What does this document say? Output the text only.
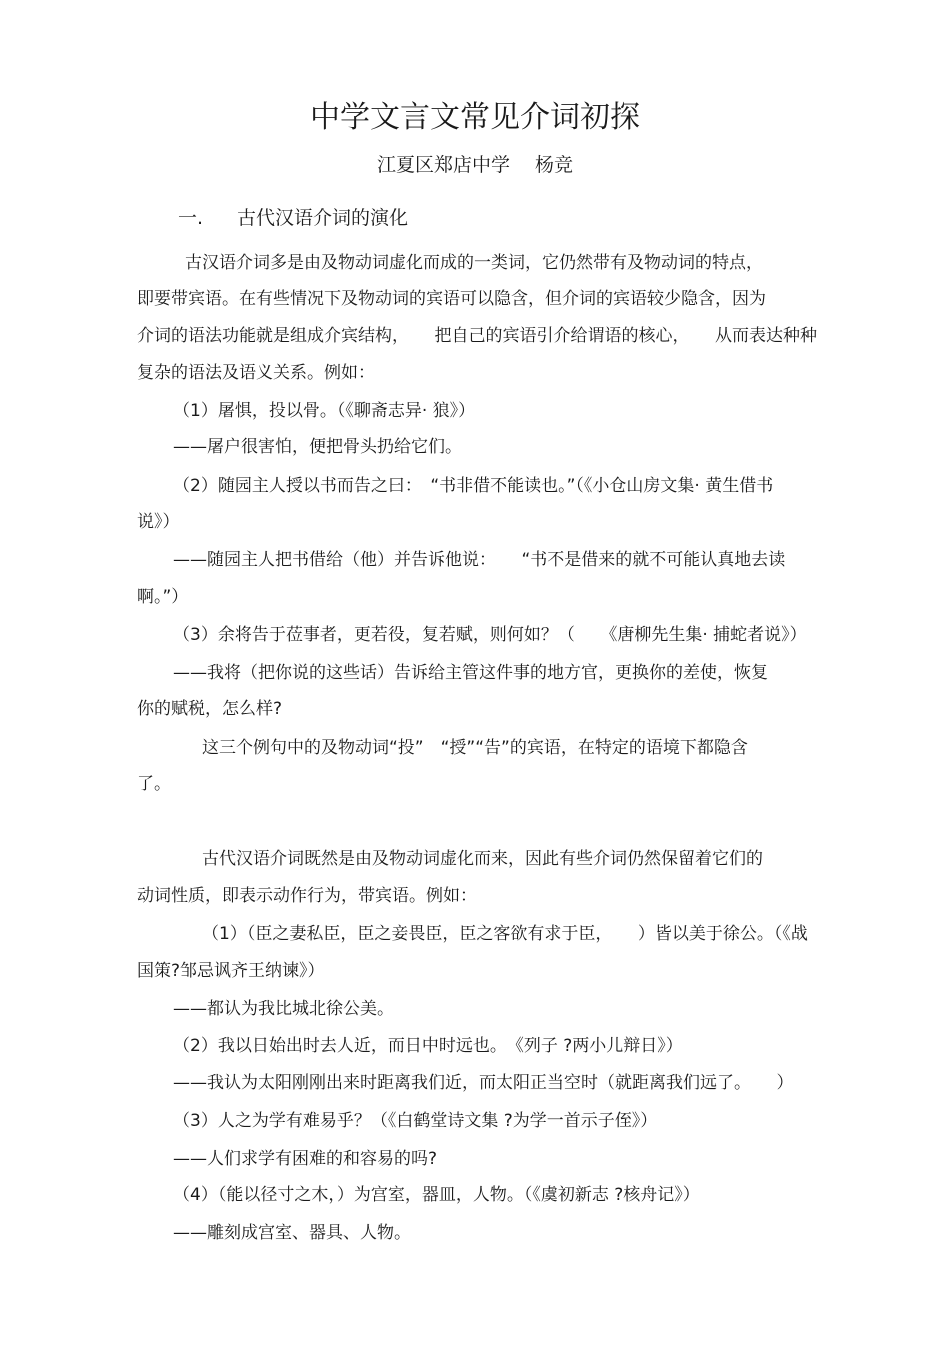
中学文言文常见介词初探
江夏区郑店中学　 杨竞
一. 古代汉语介词的演化
古汉语介词多是由及物动词虚化而成的一类词，它仍然带有及物动词的特点，
即要带宾语。在有些情况下及物动词的宾语可以隐含，但介词的宾语较少隐含，因为
介词的语法功能就是组成介宾结构，　　把自己的宾语引介给谓语的核心，　　从而表达种种
复杂的语法及语义关系。例如：
（1）屠惧，投以骨。（《聊斋志异· 狼》）
——屠户很害怕，便把骨头扔给它们。
（2）随园主人授以书而告之曰：　“书非借不能读也。”（《小仓山房文集· 黄生借书
说》）
——随园主人把书借给（他）并告诉他说：　　“书不是借来的就不可能认真地去读
啊。”）
（3）余将告于莅事者，更若役，复若赋，则何如？（　　《唐柳先生集· 捕蛇者说》）
——我将（把你说的这些话）告诉给主管这件事的地方官，更换你的差使，恢复
你的赋税，怎么样?
这三个例句中的及物动词“投”　“授”“告”的宾语，在特定的语境下都隐含
了。
古代汉语介词既然是由及物动词虚化而来，因此有些介词仍然保留着它们的
动词性质，即表示动作行为，带宾语。例如：
（1）（臣之妻私臣，臣之妾畏臣，臣之客欲有求于臣，　　）皆以美于徐公。（《战
国策?邹忌讽齐王纳谏》）
——都认为我比城北徐公美。
（2）我以日始出时去人近，而日中时远也。　《列子 ?两小儿辩日》）
——我认为太阳刚刚出来时距离我们近，而太阳正当空时（就距离我们远了。　　）
（3）人之为学有难易乎？（《白鹤堂诗文集 ?为学一首示子侄》）
——人们求学有困难的和容易的吗?
（4）（能以径寸之木，）为宫室，器皿，人物。（《虞初新志 ?核舟记》）
——雕刻成宫室、器具、人物。
